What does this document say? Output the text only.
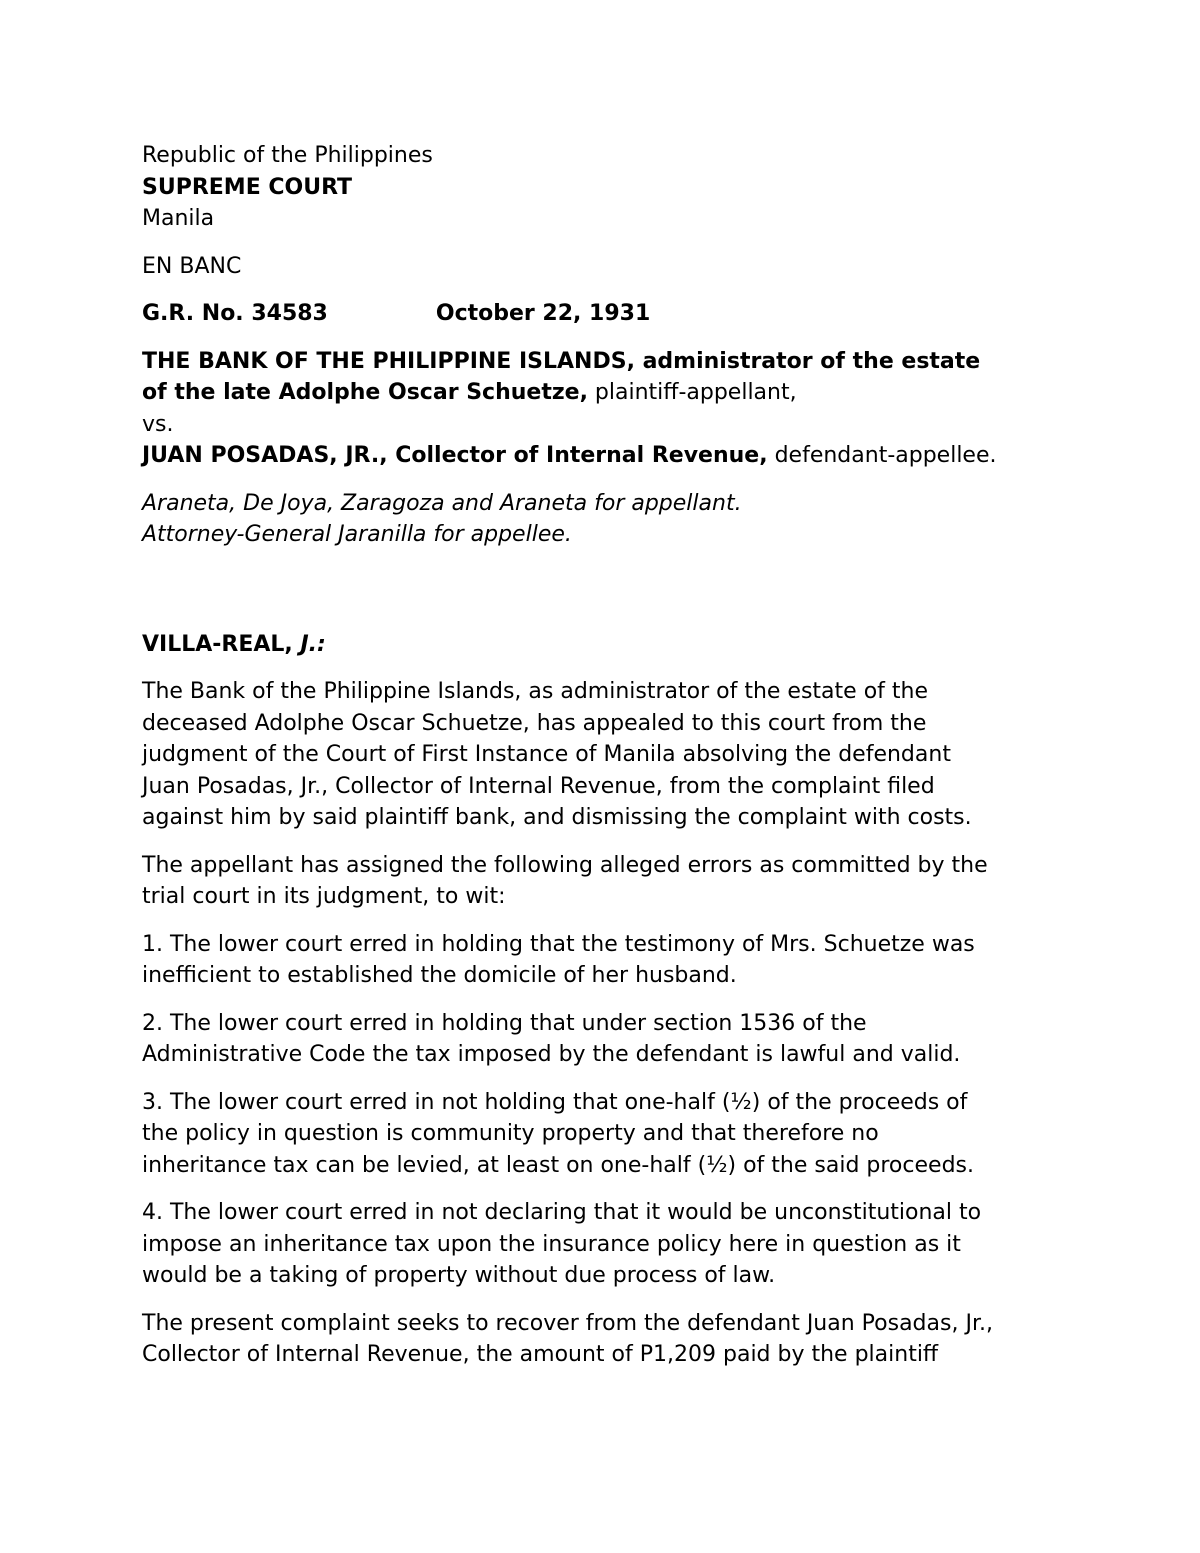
Republic of the Philippines
SUPREME COURT
Manila
EN BANC
G.R. No. 34583	October 22, 1931
THE BANK OF THE PHILIPPINE ISLANDS, administrator of the estate
of the late Adolphe Oscar Schuetze, plaintiff-appellant,
vs.
JUAN POSADAS, JR., Collector of Internal Revenue, defendant-appellee.
Araneta, De Joya, Zaragoza and Araneta for appellant.
Attorney-General Jaranilla for appellee.
VILLA-REAL, J.:

The Bank of the Philippine Islands, as administrator of the estate of the
deceased Adolphe Oscar Schuetze, has appealed to this court from the
judgment of the Court of First Instance of Manila absolving the defendant
Juan Posadas, Jr., Collector of Internal Revenue, from the complaint filed
against him by said plaintiff bank, and dismissing the complaint with costs.

The appellant has assigned the following alleged errors as committed by the
trial court in its judgment, to wit:

1. The lower court erred in holding that the testimony of Mrs. Schuetze was
inefficient to established the domicile of her husband.

2. The lower court erred in holding that under section 1536 of the
Administrative Code the tax imposed by the defendant is lawful and valid.

3. The lower court erred in not holding that one-half (½) of the proceeds of
the policy in question is community property and that therefore no
inheritance tax can be levied, at least on one-half (½) of the said proceeds.

4. The lower court erred in not declaring that it would be unconstitutional to
impose an inheritance tax upon the insurance policy here in question as it
would be a taking of property without due process of law.

The present complaint seeks to recover from the defendant Juan Posadas, Jr.,
Collector of Internal Revenue, the amount of P1,209 paid by the plaintiff
